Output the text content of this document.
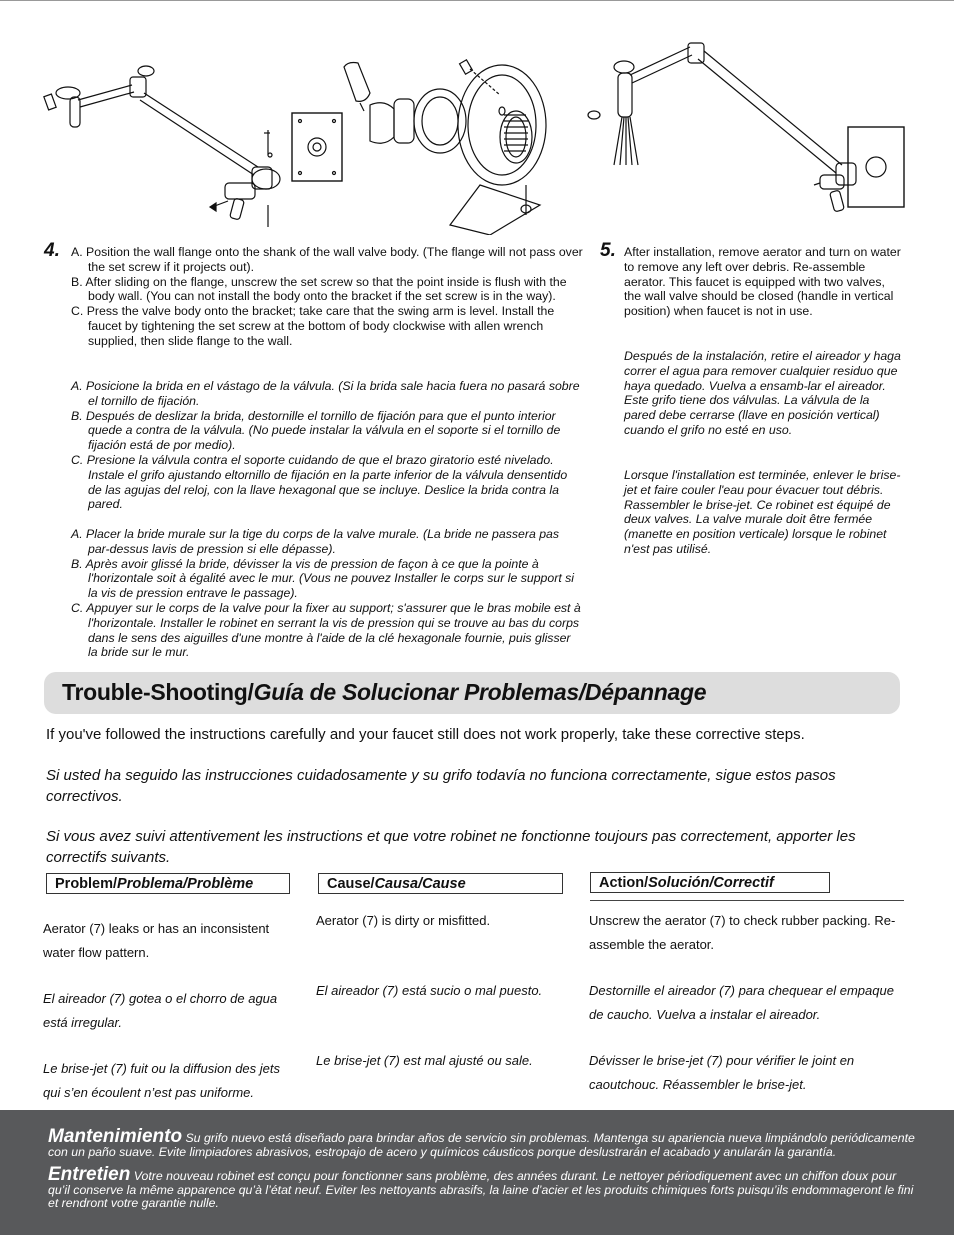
4. A. Position the wall flange onto the shank of the wall valve body. (The flange will not pass over the set screw if it projects out).

B. After sliding on the flange, unscrew the set screw so that the point inside is flush with the body wall. (You can not install the body onto the bracket if the set screw is in the way).

C. Press the valve body onto the bracket; take care that the swing arm is level. Install the faucet by tightening the set screw at the bottom of body clockwise with allen wrench supplied, then slide flange to the wall.

A. Posicione la brida en el vástago de la válvula. (Si la brida sale hacia fuera no pasará sobre el tornillo de fijación.

B. Después de deslizar la brida, destornille el tornillo de fijación para que el punto interior quede a contra de la válvula. (No puede instalar la válvula en el soporte si el tornillo de fijación está de por medio).

C. Presione la válvula contra el soporte cuidando de que el brazo giratorio esté nivelado. Instale el grifo ajustando eltornillo de fijación en la parte inferior de la válvula densentido de las agujas del reloj, con la llave hexagonal que se incluye. Deslice la brida contra la pared.

A. Placer la bride murale sur la tige du corps de la valve murale. (La bride ne passera pas par-dessus lavis de pression si elle dépasse).

B. Après avoir glissé la bride, dévisser la vis de pression de façon à ce que la pointe à l'horizontale soit à égalité avec le mur. (Vous ne pouvez Installer le corps sur le support si la vis de pression entrave le passage).

C. Appuyer sur le corps de la valve pour la fixer au support; s'assurer que le bras mobile est à l'horizontale. Installer le robinet en serrant la vis de pression qui se trouve au bas du corps dans le sens des aiguilles d'une montre à l'aide de la clé hexagonale fournie, puis glisser la bride sur le mur.

5. After installation, remove aerator and turn on water to remove any left over debris. Re-assemble aerator. This faucet is equipped with two valves, the wall valve should be closed (handle in vertical position) when faucet is not in use.

Después de la instalación, retire el aireador y haga correr el agua para remover cualquier residuo que haya quedado. Vuelva a ensamb-lar el aireador. Este grifo tiene dos válvulas. La válvula de la pared debe cerrarse (llave en posición vertical) cuando el grifo no esté en uso.

Lorsque l'installation est terminée, enlever le brise-jet et faire couler l'eau pour évacuer tout débris. Rassembler le brise-jet. Ce robinet est équipé de deux valves. La valve murale doit être fermée (manette en position verticale) lorsque le robinet n'est pas utilisé.

Trouble-Shooting/Guía de Solucionar Problemas/Dépannage

If you've followed the instructions carefully and your faucet still does not work properly, take these corrective steps.

Si usted ha seguido las instrucciones cuidadosamente y su grifo todavía no funciona correctamente, sigue estos pasos correctivos.

Si vous avez suivi attentivement les instructions et que votre robinet ne fonctionne toujours pas correctement, apporter les correctifs suivants.

Problem/Problema/Problème	Cause/Causa/Cause	Action/Solución/Correctif

Aerator (7) leaks or has an inconsistent water flow pattern.

El aireador (7) gotea o el chorro de agua está irregular.

Le brise-jet (7) fuit ou la diffusion des jets qui s’en écoulent n’est pas uniforme.

Aerator (7) is dirty or misfitted.

El aireador (7) está sucio o mal puesto.

Le brise-jet (7) est mal ajusté ou sale.

Unscrew the aerator (7) to check rubber packing. Re-assemble the aerator.

Destornille el aireador (7) para chequear el empaque de caucho. Vuelva a instalar el aireador.

Dévisser le brise-jet (7) pour vérifier le joint en caoutchouc. Réassembler le brise-jet.

Mantenimiento Su grifo nuevo está diseñado para brindar años de servicio sin problemas. Mantenga su apariencia nueva limpiándolo periódicamente con un paño suave. Evite limpiadores abrasivos, estropajo de acero y químicos cáusticos porque deslustrarán el acabado y anularán la garantía.

Entretien Votre nouveau robinet est conçu pour fonctionner sans problème, des années durant. Le nettoyer périodiquement avec un chiffon doux pour qu’il conserve la même apparence qu’à l’état neuf. Eviter les nettoyants abrasifs, la laine d’acier et les produits chimiques forts puisqu’ils endommageront le fini et rendront votre garantie nulle.
